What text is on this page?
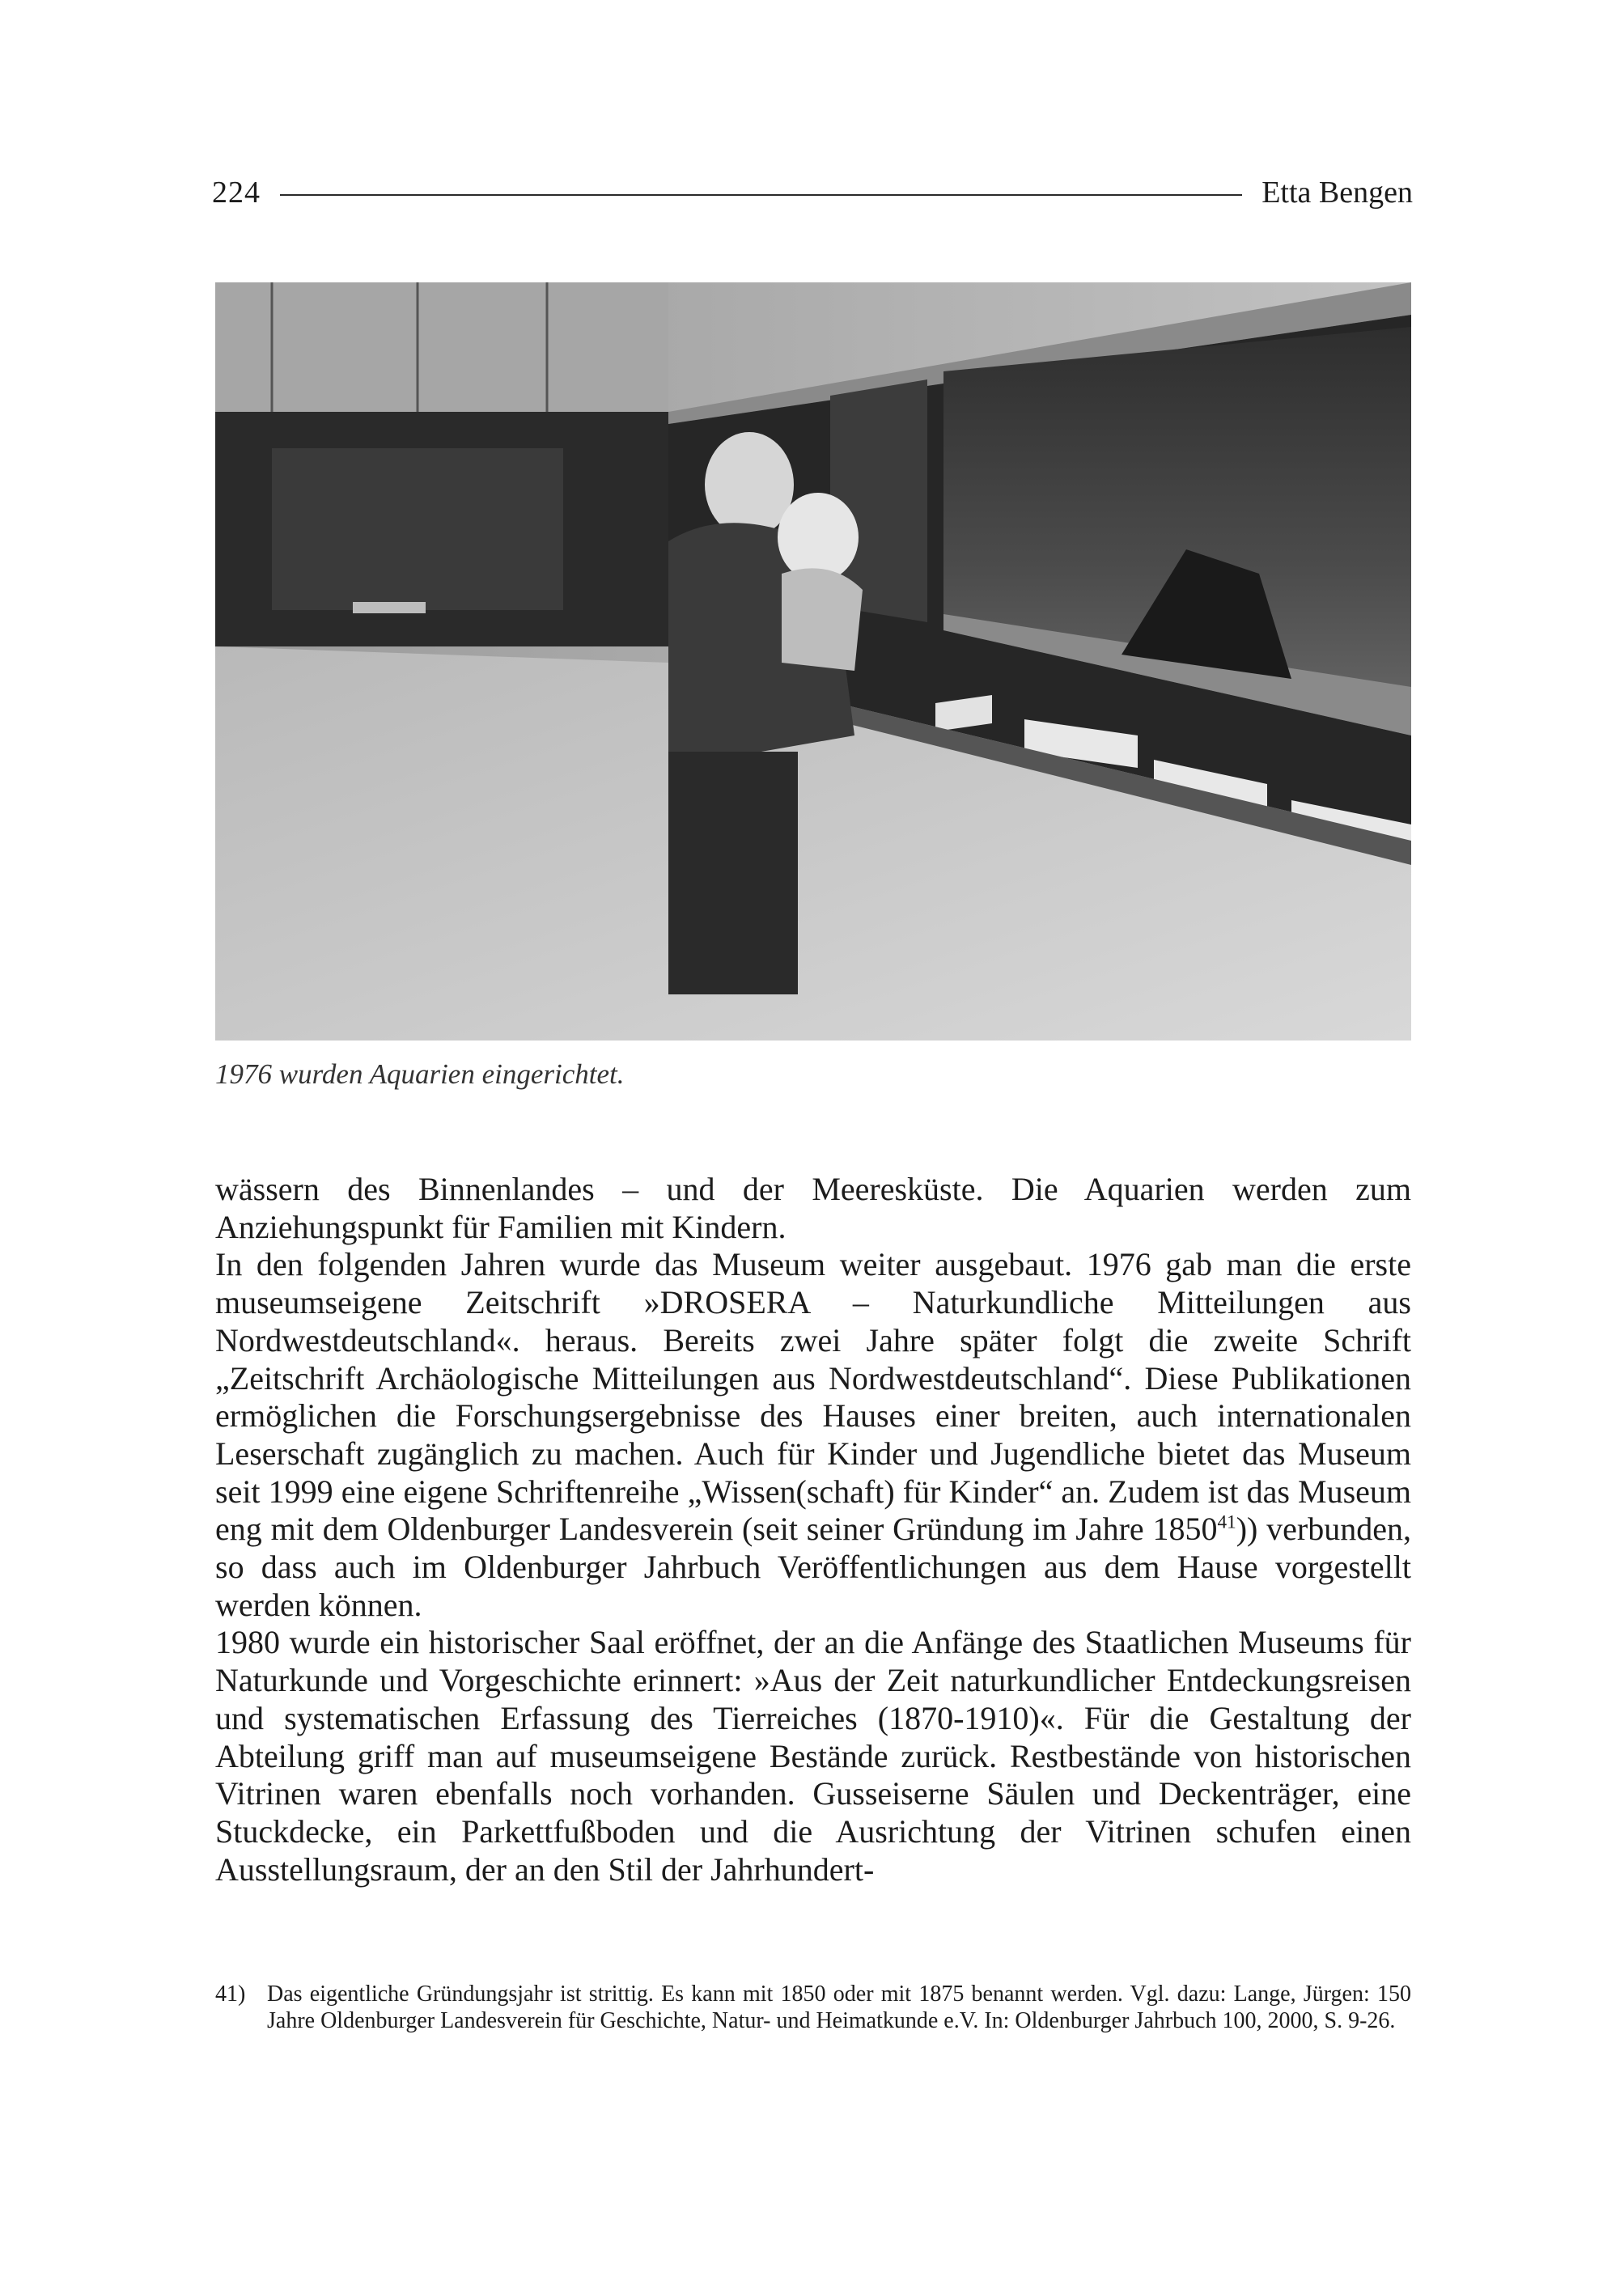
224	Etta Bengen
1976 wurden Aquarien eingerichtet.

wässern des Binnenlandes – und der Meeresküste. Die Aquarien werden zum Anziehungspunkt für Familien mit Kindern.

In den folgenden Jahren wurde das Museum weiter ausgebaut. 1976 gab man die erste museumseigene Zeitschrift »DROSERA – Naturkundliche Mitteilungen aus Nordwestdeutschland«. heraus. Bereits zwei Jahre später folgt die zweite Schrift „Zeitschrift Archäologische Mitteilungen aus Nordwestdeutschland“. Diese Publikationen ermöglichen die Forschungsergebnisse des Hauses einer breiten, auch internationalen Leserschaft zugänglich zu machen. Auch für Kinder und Jugendliche bietet das Museum seit 1999 eine eigene Schriftenreihe „Wissen(schaft) für Kinder“ an. Zudem ist das Museum eng mit dem Oldenburger Landesverein (seit seiner Gründung im Jahre 1850$^{41}$)) verbunden, so dass auch im Oldenburger Jahrbuch Veröffentlichungen aus dem Hause vorgestellt werden können.

1980 wurde ein historischer Saal eröffnet, der an die Anfänge des Staatlichen Museums für Naturkunde und Vorgeschichte erinnert: »Aus der Zeit naturkundlicher Entdeckungsreisen und systematischen Erfassung des Tierreiches (1870-1910)«. Für die Gestaltung der Abteilung griff man auf museumseigene Bestände zurück. Restbestände von historischen Vitrinen waren ebenfalls noch vorhanden. Gusseiserne Säulen und Deckenträger, eine Stuckdecke, ein Parkettfußboden und die Ausrichtung der Vitrinen schufen einen Ausstellungsraum, der an den Stil der Jahrhundert-

41) Das eigentliche Gründungsjahr ist strittig. Es kann mit 1850 oder mit 1875 benannt werden. Vgl. dazu: Lange, Jürgen: 150 Jahre Oldenburger Landesverein für Geschichte, Natur- und Heimatkunde e.V. In: Oldenburger Jahrbuch 100, 2000, S. 9-26.
